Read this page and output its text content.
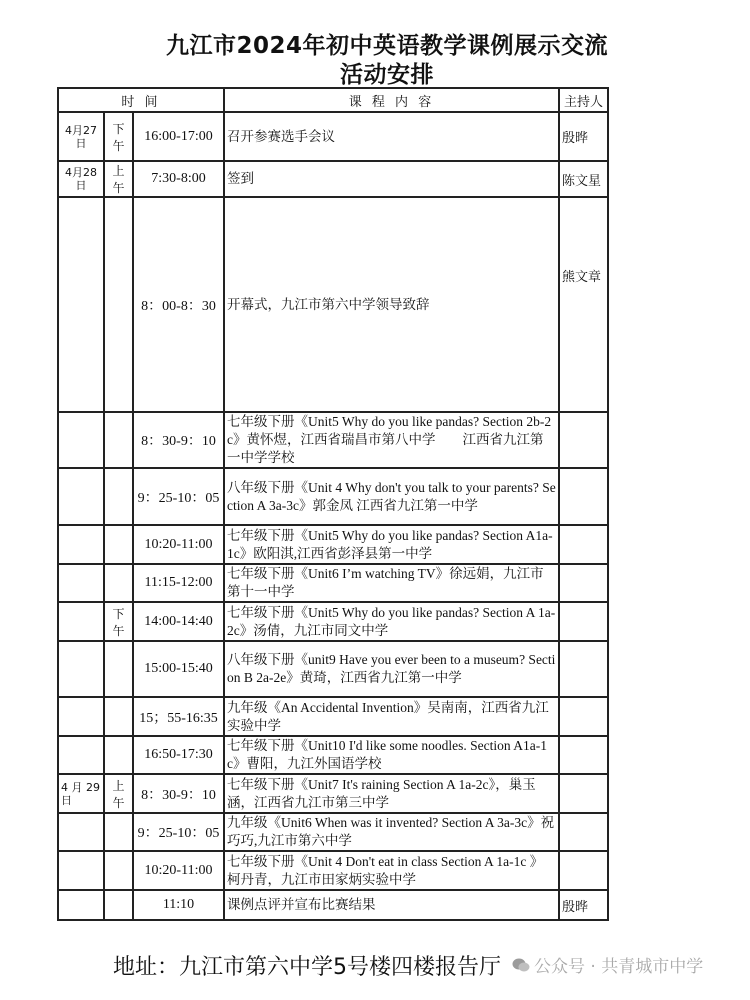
九江市2024年初中英语教学课例展示交流
活动安排
时 间			课 程 内 容	主持人
4月27日	下午	16:00-17:00	召开参赛选手会议	殷晔
4月28日	上午	7:30-8:00	签到	陈文星
		8：00-8：30	开幕式，九江市第六中学领导致辞	熊文章
		8：30-9：10	七年级下册《Unit5 Why do you like pandas? Section 2b-2c》黄怀煜，江西省瑞昌市第八中学　　江西省九江第一中学学校	
		9：25-10：05	八年级下册《Unit 4 Why don't you talk to your parents? Section A 3a-3c》郭金凤 江西省九江第一中学	
		10:20-11:00	七年级下册《Unit5 Why do you like pandas? Section A1a-1c》欧阳淇,江西省彭泽县第一中学	
		11:15-12:00	七年级下册《Unit6 I’m watching TV》徐远娟，九江市第十一中学	
	下午	14:00-14:40	七年级下册《Unit5 Why do you like pandas? Section A 1a-2c》汤倩，九江市同文中学	
		15:00-15:40	八年级下册《unit9 Have you ever been to a museum? Section B 2a-2e》黄琦，江西省九江第一中学	
		15；55-16:35	九年级《An Accidental Invention》吴南南，江西省九江实验中学	
		16:50-17:30	七年级下册《Unit10 I'd like some noodles. Section A1a-1c》曹阳，九江外国语学校	
4 月 29日	上午	8：30-9：10	七年级下册《Unit7 It's raining Section A 1a-2c》，巢玉涵，江西省九江市第三中学	
		9：25-10：05	九年级《Unit6 When was it invented? Section A 3a-3c》祝巧巧,九江市第六中学	
		10:20-11:00	七年级下册《Unit 4 Don't eat in class Section A 1a-1c 》柯丹青，九江市田家炳实验中学	
		11:10	课例点评并宣布比赛结果	殷晔
地址：九江市第六中学5号楼四楼报告厅 公众号 · 共青城市中学
